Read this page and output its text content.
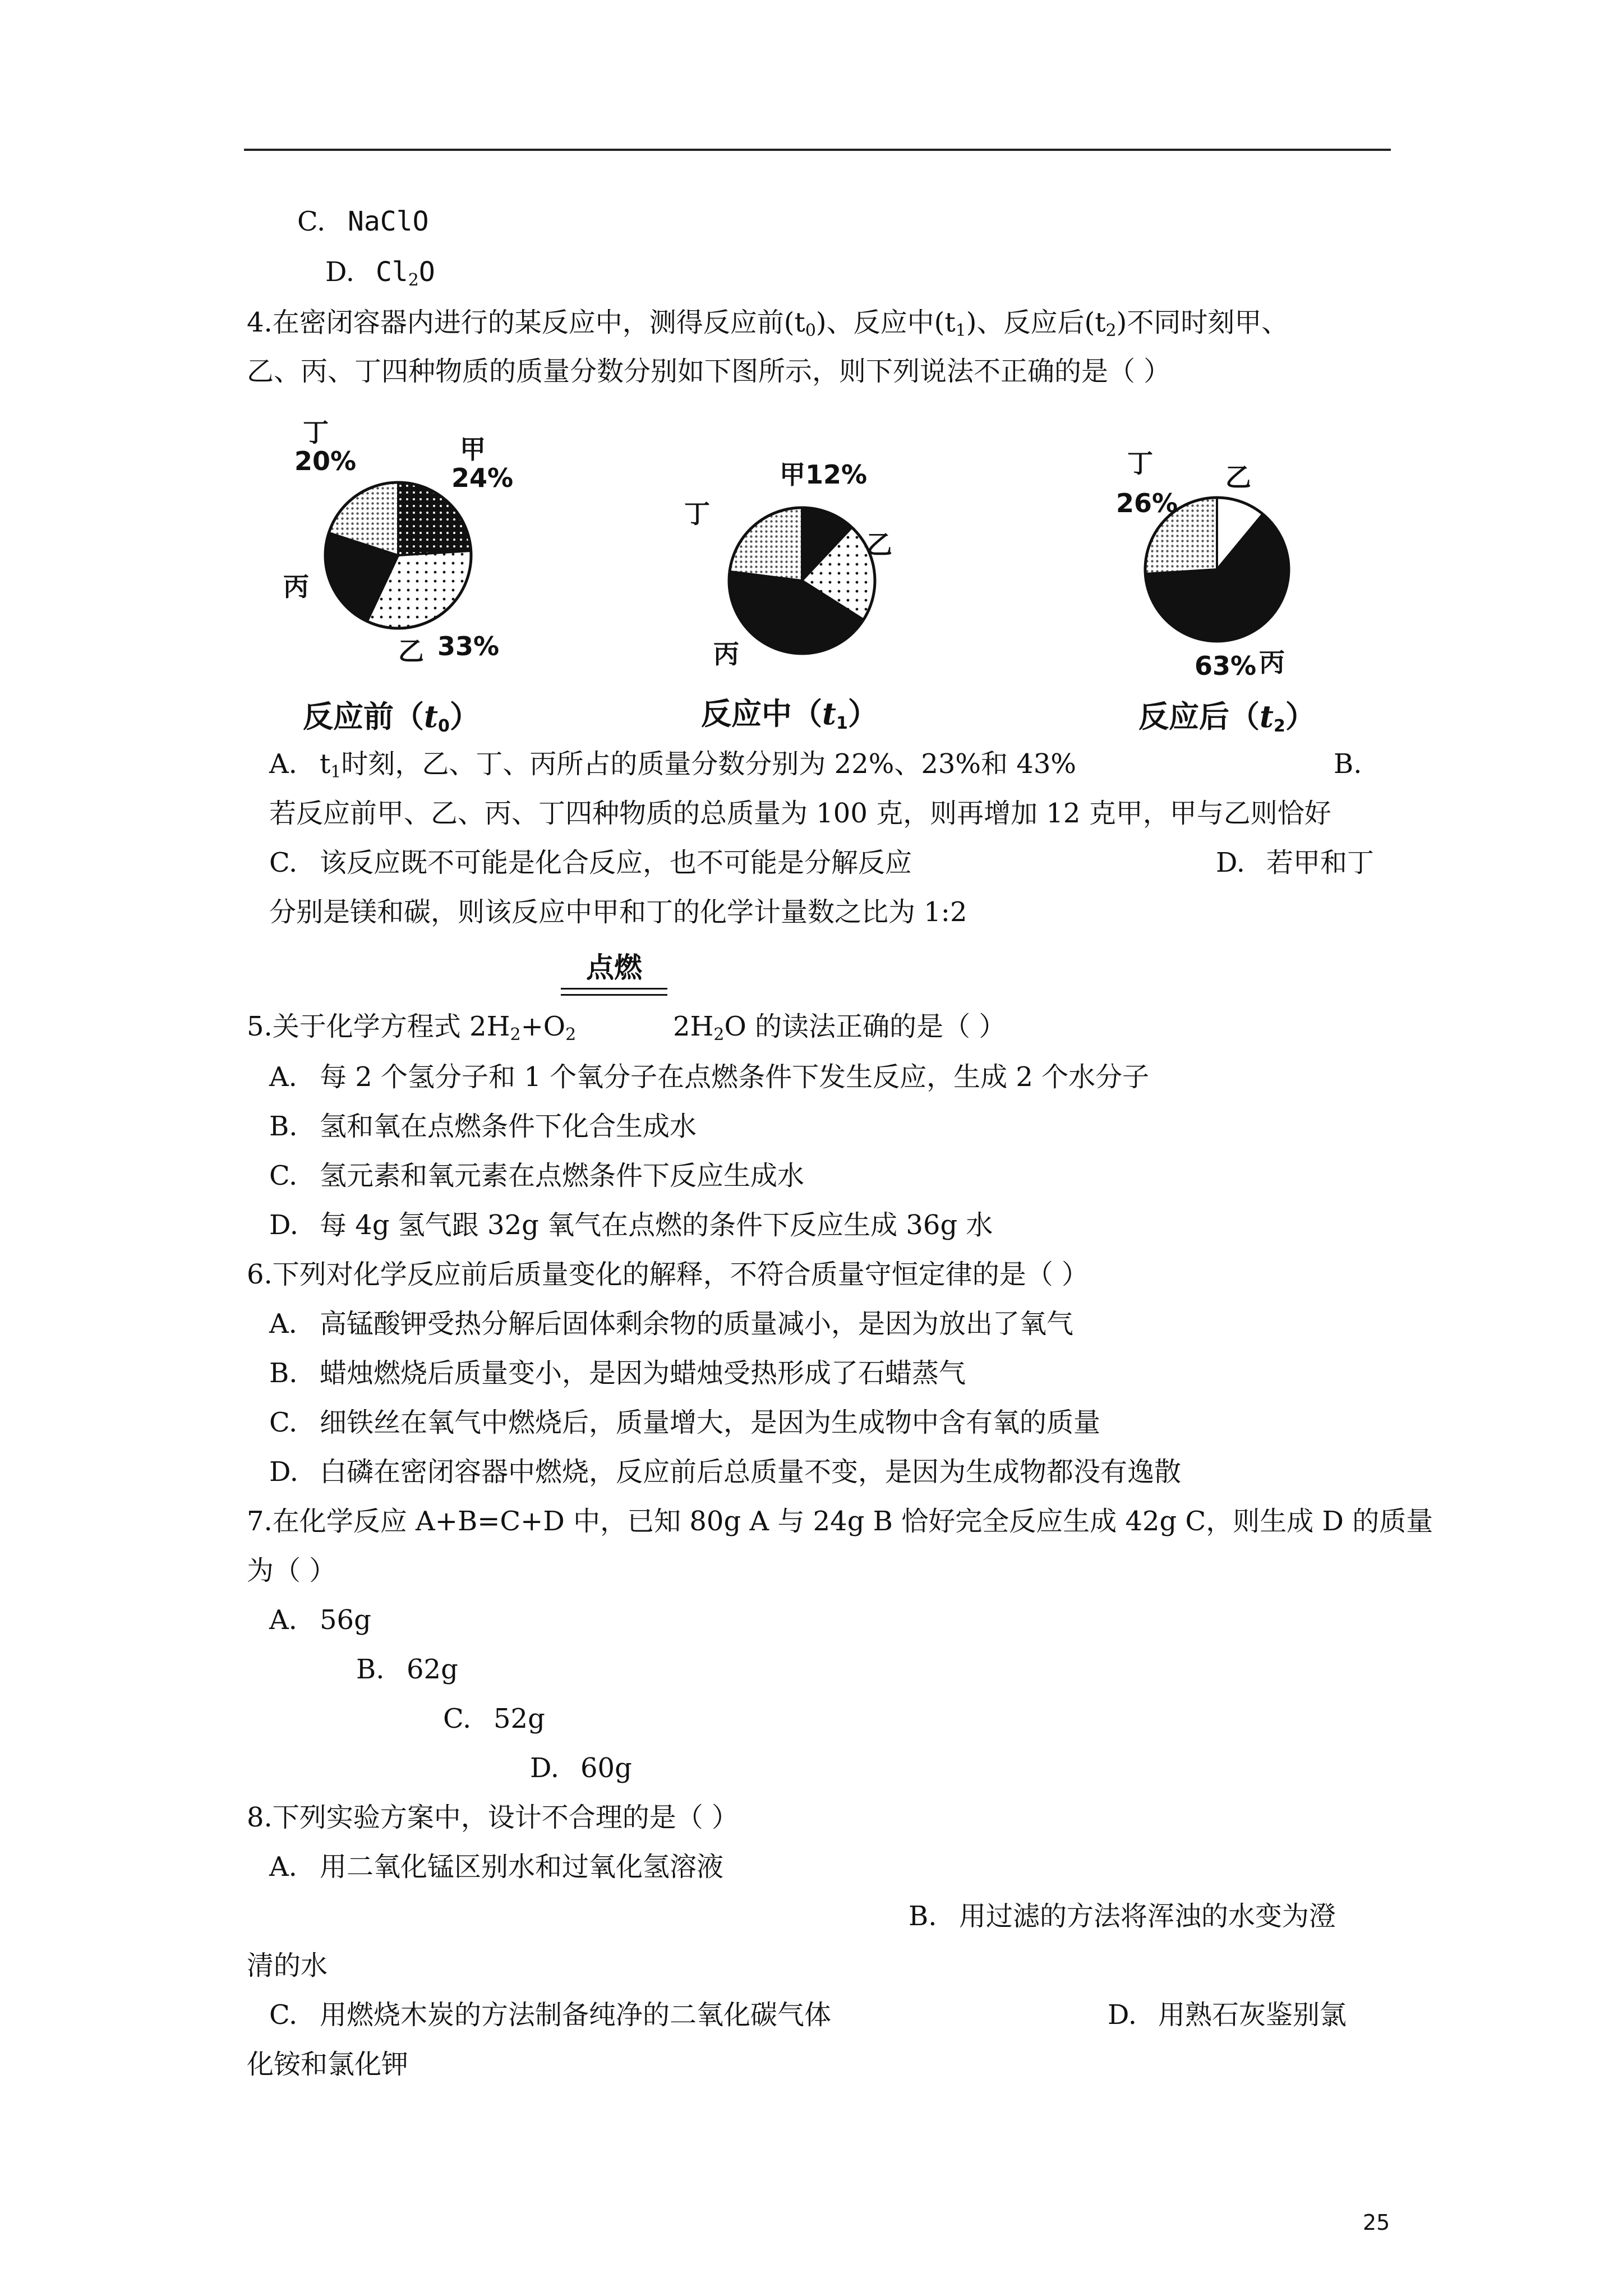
C. NaClO
D. $Cl_2O$
4.在密闭容器内进行的某反应中，测得反应前$(t_0)$、反应中$(t_1)$、反应后$(t_2)$不同时刻甲、
乙、丙、丁四种物质的质量分数分别如下图所示，则下列说法不正确的是（ ）
丁
20%	甲
24%
丙
乙 33%
反应前$(t_0)$
甲12%
丁
乙
丙
反应中$(t_1)$
丁
26%
乙
63% 丙
反应后$(t_2)$
A. $t_1$时刻，乙、丁、丙所占的质量分数分别为 22%、23%和 43%	B.
若反应前甲、乙、丙、丁四种物质的总质量为 100 克，则再增加 12 克甲，甲与乙则恰好
C. 该反应既不可能是化合反应，也不可能是分解反应	D. 若甲和丁
分别是镁和碳，则该反应中甲和丁的化学计量数之比为 1:2
点燃
5.关于化学方程式 $2H_2+O_2$	$2H_2O$ 的读法正确的是（ ）
A. 每 2 个氢分子和 1 个氧分子在点燃条件下发生反应，生成 2 个水分子
B. 氢和氧在点燃条件下化合生成水
C. 氢元素和氧元素在点燃条件下反应生成水
D. 每 4g 氢气跟 32g 氧气在点燃的条件下反应生成 36g 水
6.下列对化学反应前后质量变化的解释，不符合质量守恒定律的是（ ）
A. 高锰酸钾受热分解后固体剩余物的质量减小，是因为放出了氧气
B. 蜡烛燃烧后质量变小，是因为蜡烛受热形成了石蜡蒸气
C. 细铁丝在氧气中燃烧后，质量增大，是因为生成物中含有氧的质量
D. 白磷在密闭容器中燃烧，反应前后总质量不变，是因为生成物都没有逸散
7.在化学反应 A+B=C+D 中，已知 80g A 与 24g B 恰好完全反应生成 42g C，则生成 D 的质量
为（ ）
A. 56g
B. 62g
C. 52g
D. 60g
8.下列实验方案中，设计不合理的是（ ）
A. 用二氧化锰区别水和过氧化氢溶液
B. 用过滤的方法将浑浊的水变为澄
清的水
C. 用燃烧木炭的方法制备纯净的二氧化碳气体	D. 用熟石灰鉴别氯
化铵和氯化钾
25
